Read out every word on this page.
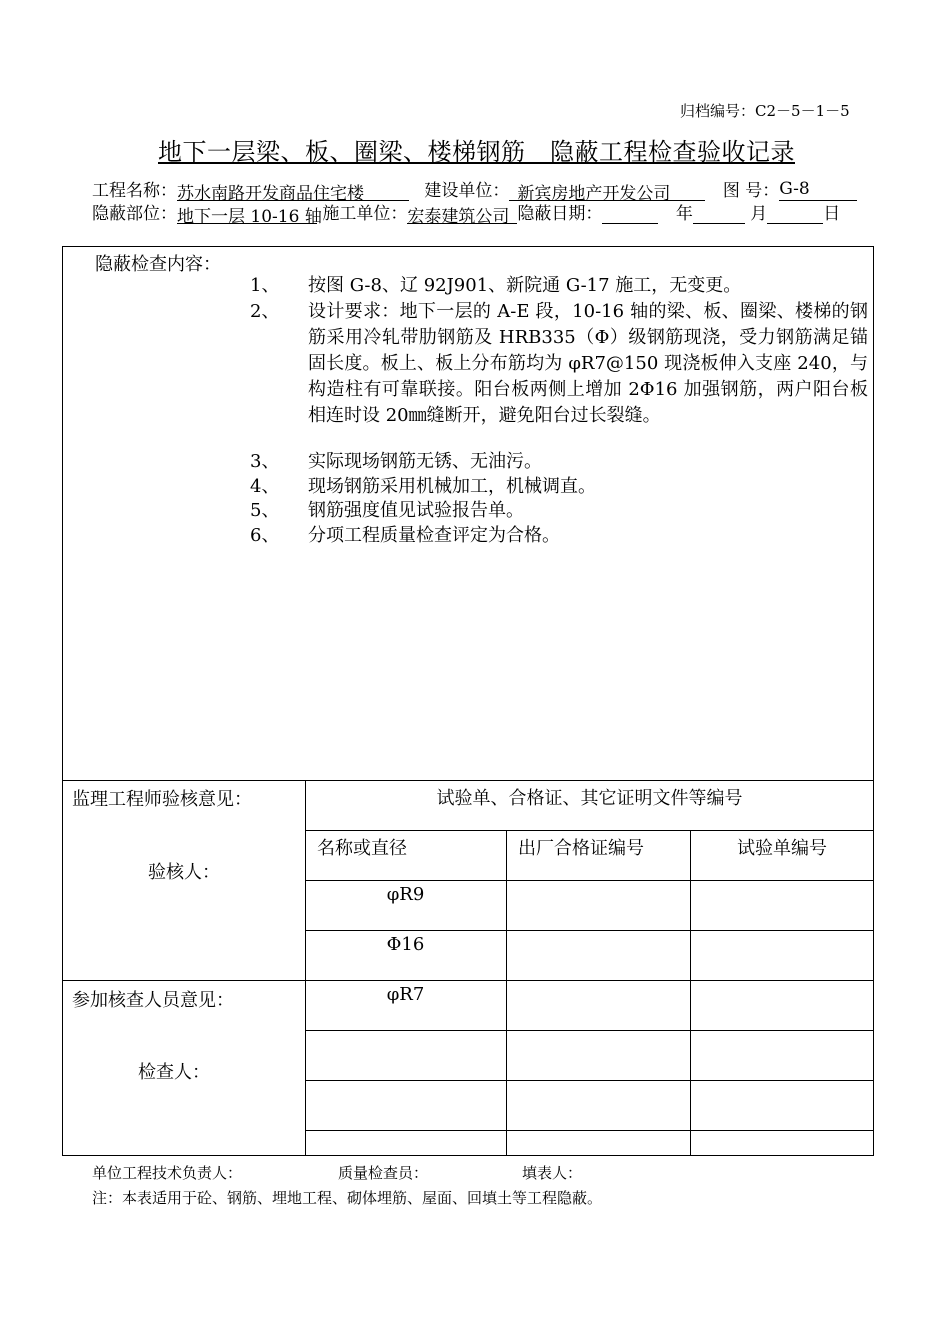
归档编号：C2－5－1－5
地下一层梁、板、圈梁、楼梯钢筋　隐蔽工程检查验收记录
工程名称：苏水南路开发商品住宅楼	建设单位： 新宾房地产开发公司	图 号：G-8
隐蔽部位：地下一层 10-16 轴 施工单位：宏泰建筑公司 隐蔽日期：	年	月	日
隐蔽检查内容：
1、	按图 G-8、辽 92J901、新院通 G-17 施工，无变更。
2、	设计要求：地下一层的 A-E 段，10-16 轴的梁、板、圈梁、楼梯的钢筋采用冷轧带肋钢筋及 HRB335（Φ）级钢筋现浇，受力钢筋满足锚固长度。板上、板上分布筋均为 φR7@150 现浇板伸入支座 240，与构造柱有可靠联接。阳台板两侧上增加 2Φ16 加强钢筋，两户阳台板相连时设 20㎜缝断开，避免阳台过长裂缝。
3、	实际现场钢筋无锈、无油污。
4、	现场钢筋采用机械加工，机械调直。
5、	钢筋强度值见试验报告单。
6、	分项工程质量检查评定为合格。
监理工程师验核意见：
验核人：
参加核查人员意见：
检查人：
试验单、合格证、其它证明文件等编号
名称或直径	出厂合格证编号	试验单编号
φR9
Φ16
φR7
单位工程技术负责人：	质量检查员：	填表人：
注：本表适用于砼、钢筋、埋地工程、砌体埋筋、屋面、回填土等工程隐蔽。
